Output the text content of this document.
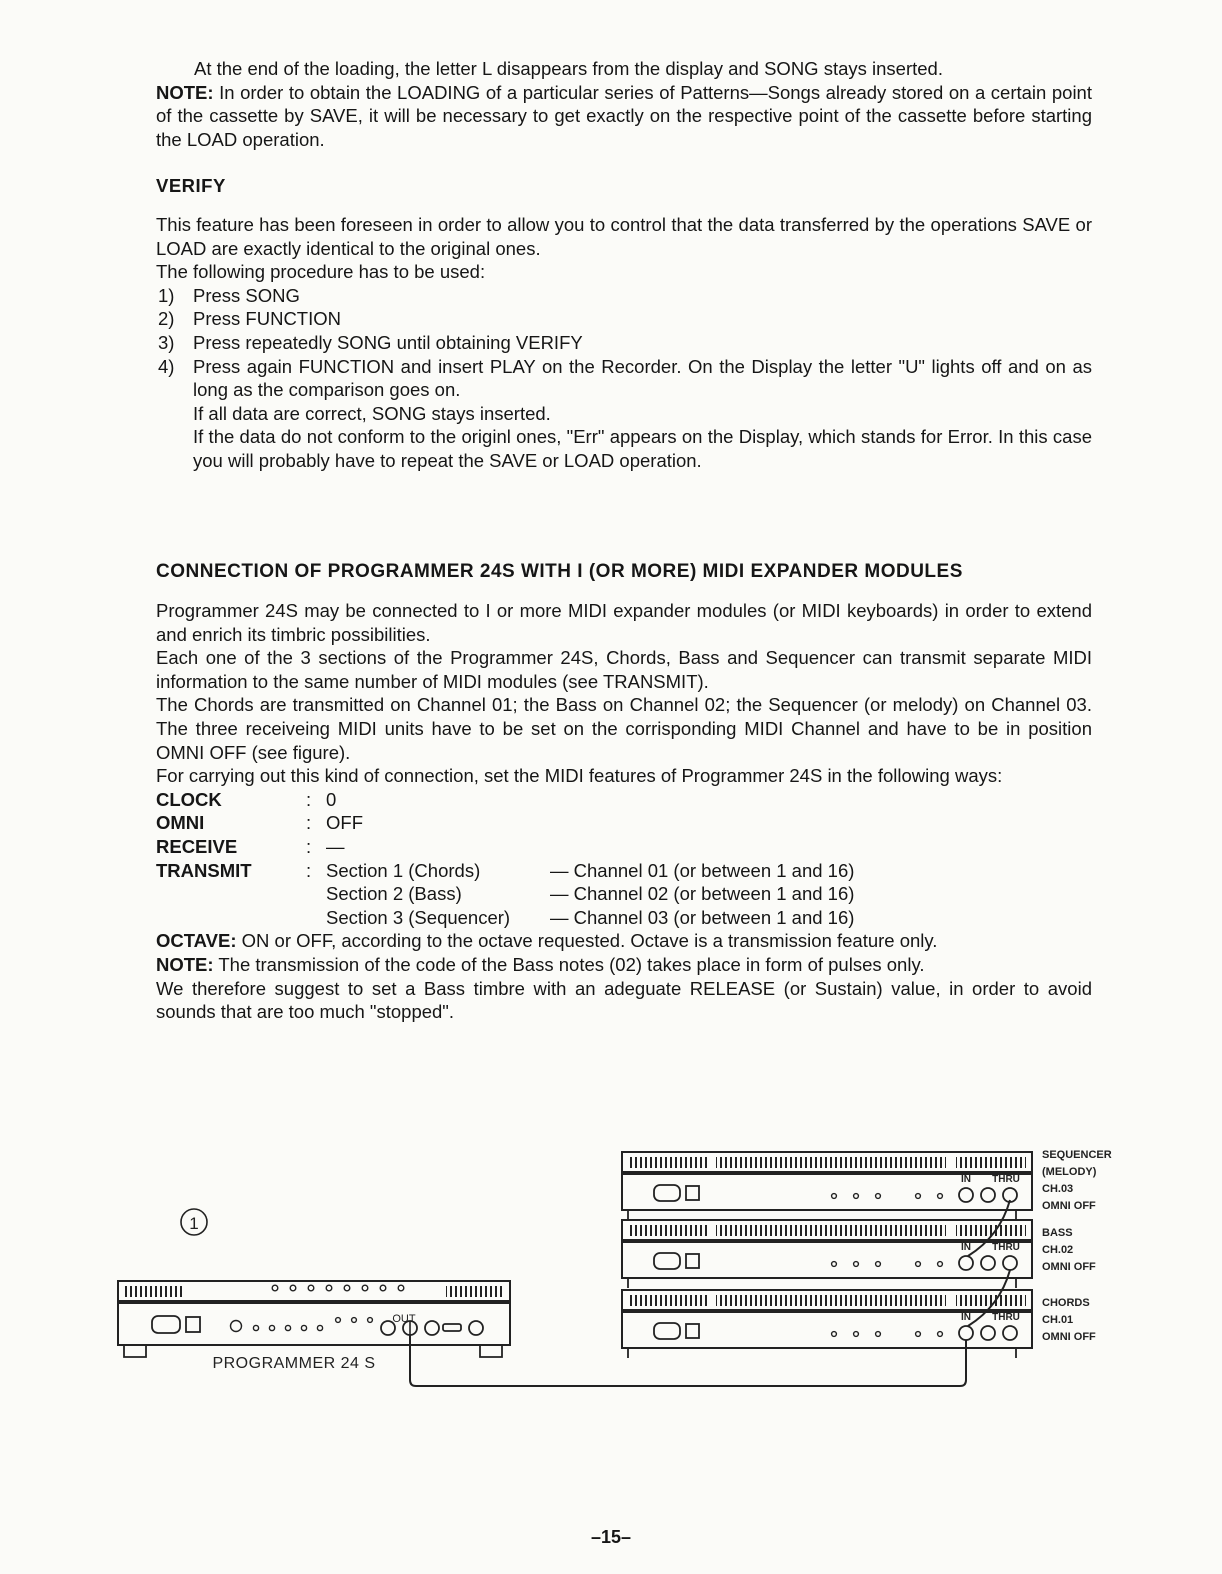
At the end of the loading, the letter L disappears from the display and SONG stays inserted.

NOTE: In order to obtain the LOADING of a particular series of Patterns—Songs already stored on a certain point of the cassette by SAVE, it will be necessary to get exactly on the respective point of the cassette before starting the LOAD operation.

VERIFY

This feature has been foreseen in order to allow you to control that the data transferred by the operations SAVE or LOAD are exactly identical to the original ones.

The following procedure has to be used:

1) Press SONG
2) Press FUNCTION
3) Press repeatedly SONG until obtaining VERIFY
4) Press again FUNCTION and insert PLAY on the Recorder. On the Display the letter "U" lights off and on as long as the comparison goes on.

If all data are correct, SONG stays inserted.

If the data do not conform to the originl ones, "Err" appears on the Display, which stands for Error. In this case you will probably have to repeat the SAVE or LOAD operation.

CONNECTION OF PROGRAMMER 24S WITH I (OR MORE) MIDI EXPANDER MODULES

Programmer 24S may be connected to I or more MIDI expander modules (or MIDI keyboards) in order to extend and enrich its timbric possibilities.

Each one of the 3 sections of the Programmer 24S, Chords, Bass and Sequencer can transmit separate MIDI information to the same number of MIDI modules (see TRANSMIT).

The Chords are transmitted on Channel 01; the Bass on Channel 02; the Sequencer (or melody) on Channel 03. The three receiveing MIDI units have to be set on the corrisponding MIDI Channel and have to be in position OMNI OFF (see figure).

For carrying out this kind of connection, set the MIDI features of Programmer 24S in the following ways:

CLOCK	: 0
OMNI	: OFF
RECEIVE	: —
TRANSMIT	: Section 1 (Chords)	— Channel 01 (or between 1 and 16)
Section 2 (Bass)	— Channel 02 (or between 1 and 16)
Section 3 (Sequencer)	— Channel 03 (or between 1 and 16)

OCTAVE: ON or OFF, according to the octave requested. Octave is a transmission feature only.

NOTE: The transmission of the code of the Bass notes (02) takes place in form of pulses only.

We therefore suggest to set a Bass timbre with an adeguate RELEASE (or Sustain) value, in order to avoid sounds that are too much "stopped".

1
OUT
PROGRAMMER 24 S
IN THRU
SEQUENCER
(MELODY)
CH.03
OMNI OFF
IN THRU
BASS
CH.02
OMNI OFF
IN THRU
CHORDS
CH.01
OMNI OFF
–15–
